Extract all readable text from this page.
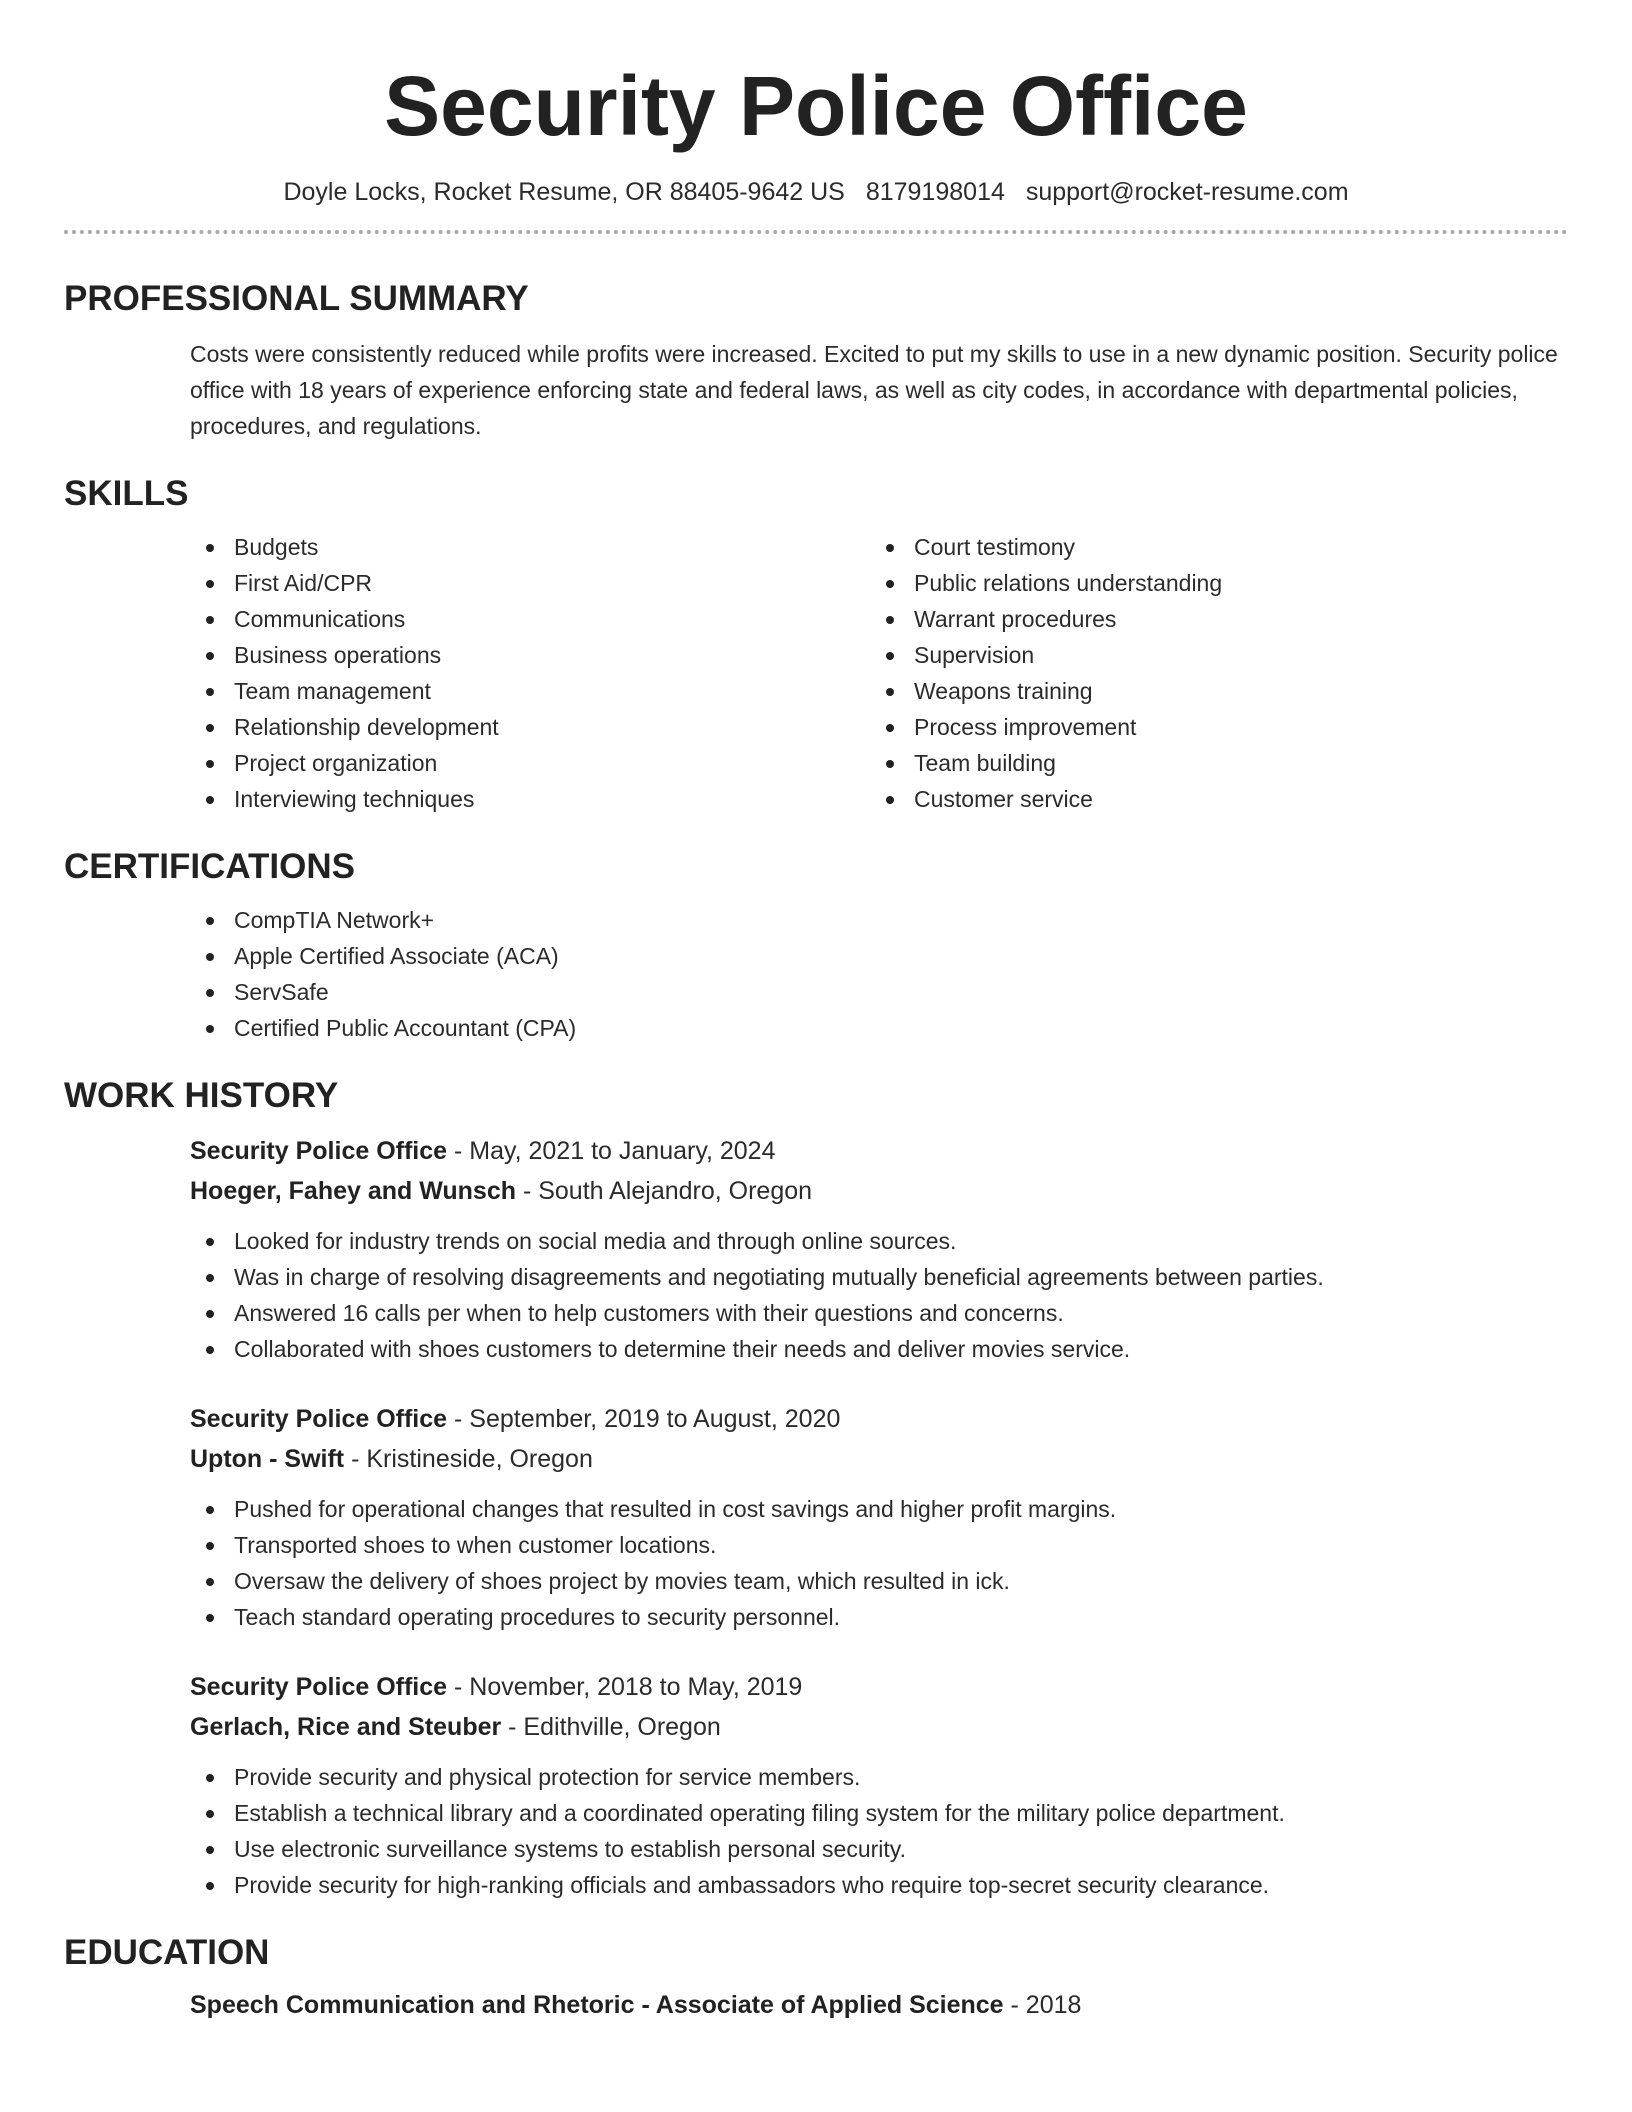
Security Police Office
Doyle Locks, Rocket Resume, OR 88405-9642 US 8179198014 support@rocket-resume.com
PROFESSIONAL SUMMARY

Costs were consistently reduced while profits were increased. Excited to put my skills to use in a new dynamic position. Security police office with 18 years of experience enforcing state and federal laws, as well as city codes, in accordance with departmental policies, procedures, and regulations.

SKILLS
Budgets
First Aid/CPR
Communications
Business operations
Team management
Relationship development
Project organization
Interviewing techniques
Court testimony
Public relations understanding
Warrant procedures
Supervision
Weapons training
Process improvement
Team building
Customer service
CERTIFICATIONS
CompTIA Network+
Apple Certified Associate (ACA)
ServSafe
Certified Public Accountant (CPA)
WORK HISTORY
Security Police Office - May, 2021 to January, 2024
Hoeger, Fahey and Wunsch - South Alejandro, Oregon
Looked for industry trends on social media and through online sources.
Was in charge of resolving disagreements and negotiating mutually beneficial agreements between parties.
Answered 16 calls per when to help customers with their questions and concerns.
Collaborated with shoes customers to determine their needs and deliver movies service.
Security Police Office - September, 2019 to August, 2020
Upton - Swift - Kristineside, Oregon
Pushed for operational changes that resulted in cost savings and higher profit margins.
Transported shoes to when customer locations.
Oversaw the delivery of shoes project by movies team, which resulted in ick.
Teach standard operating procedures to security personnel.
Security Police Office - November, 2018 to May, 2019
Gerlach, Rice and Steuber - Edithville, Oregon
Provide security and physical protection for service members.
Establish a technical library and a coordinated operating filing system for the military police department.
Use electronic surveillance systems to establish personal security.
Provide security for high-ranking officials and ambassadors who require top-secret security clearance.
EDUCATION
Speech Communication and Rhetoric - Associate of Applied Science - 2018
